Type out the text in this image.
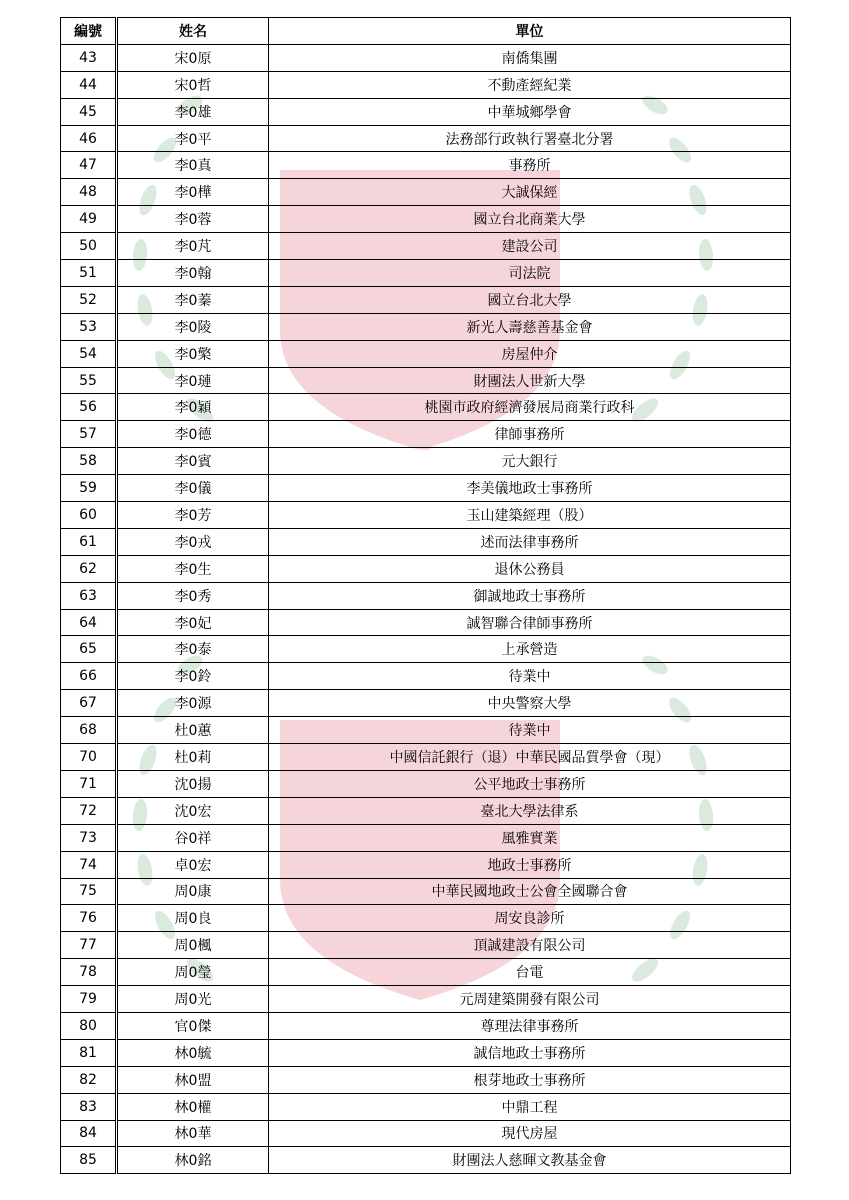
編號	姓名	單位
43	宋0原	南僑集團
44	宋0哲	不動產經紀業
45	李0雄	中華城鄉學會
46	李0平	法務部行政執行署臺北分署
47	李0真	事務所
48	李0樺	大誠保經
49	李0蓉	國立台北商業大學
50	李0芃	建設公司
51	李0翰	司法院
52	李0蓁	國立台北大學
53	李0陵	新光人壽慈善基金會
54	李0檠	房屋仲介
55	李0璉	財團法人世新大學
56	李0穎	桃園市政府經濟發展局商業行政科
57	李0德	律師事務所
58	李0賓	元大銀行
59	李0儀	李美儀地政士事務所
60	李0芳	玉山建築經理（股）
61	李0戎	述而法律事務所
62	李0生	退休公務員
63	李0秀	御誠地政士事務所
64	李0妃	誠智聯合律師事務所
65	李0泰	上承營造
66	李0鈴	待業中
67	李0源	中央警察大學
68	杜0蕙	待業中
70	杜0莉	中國信託銀行（退）中華民國品質學會（現）
71	沈0揚	公平地政士事務所
72	沈0宏	臺北大學法律系
73	谷0祥	風雅實業
74	卓0宏	地政士事務所
75	周0康	中華民國地政士公會全國聯合會
76	周0良	周安良診所
77	周0楓	頂誠建設有限公司
78	周0瑩	台電
79	周0光	元周建築開發有限公司
80	官0傑	尊理法律事務所
81	林0毓	誠信地政士事務所
82	林0盟	根芽地政士事務所
83	林0權	中鼎工程
84	林0華	現代房屋
85	林0銘	財團法人慈暉文教基金會
